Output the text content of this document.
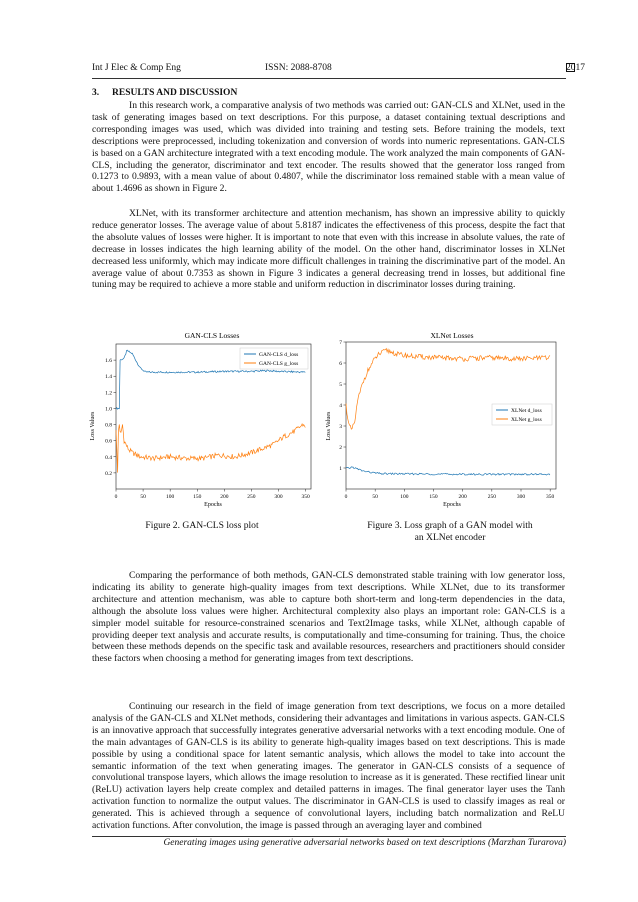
Int J Elec & Comp Eng	ISSN: 2088-8708	2017
3. RESULTS AND DISCUSSION

In this research work, a comparative analysis of two methods was carried out: GAN-CLS and XLNet, used in the task of generating images based on text descriptions. For this purpose, a dataset containing textual descriptions and corresponding images was used, which was divided into training and testing sets. Before training the models, text descriptions were preprocessed, including tokenization and conversion of words into numeric representations. GAN-CLS is based on a GAN architecture integrated with a text encoding module. The work analyzed the main components of GAN-CLS, including the generator, discriminator and text encoder. The results showed that the generator loss ranged from 0.1273 to 0.9893, with a mean value of about 0.4807, while the discriminator loss remained stable with a mean value of about 1.4696 as shown in Figure 2.

XLNet, with its transformer architecture and attention mechanism, has shown an impressive ability to quickly reduce generator losses. The average value of about 5.8187 indicates the effectiveness of this process, despite the fact that the absolute values of losses were higher. It is important to note that even with this increase in absolute values, the rate of decrease in losses indicates the high learning ability of the model. On the other hand, discriminator losses in XLNet decreased less uniformly, which may indicate more difficult challenges in training the discriminative part of the model. An average value of about 0.7353 as shown in Figure 3 indicates a general decreasing trend in losses, but additional fine tuning may be required to achieve a more stable and uniform reduction in discriminator losses during training.

GAN-CLS Losses
0	50	100	150	200	250	300	350
0.2
0.4
0.6
0.8
1.0
1.2
1.4
1.6
Epochs
Loss Values
GAN-CLS d_loss
GAN-CLS g_loss
XLNet Losses
0	50	100	150	200	250	300	350
1
2
3
4
5
6
7
Epochs
Loss Values
XLNet d_loss
XLNet g_loss
Figure 2. GAN-CLS loss plot	Figure 3. Loss graph of a GAN model with
an XLNet encoder

Comparing the performance of both methods, GAN-CLS demonstrated stable training with low generator loss, indicating its ability to generate high-quality images from text descriptions. While XLNet, due to its transformer architecture and attention mechanism, was able to capture both short-term and long-term dependencies in the data, although the absolute loss values were higher. Architectural complexity also plays an important role: GAN-CLS is a simpler model suitable for resource-constrained scenarios and Text2Image tasks, while XLNet, although capable of providing deeper text analysis and accurate results, is computationally and time-consuming for training. Thus, the choice between these methods depends on the specific task and available resources, researchers and practitioners should consider these factors when choosing a method for generating images from text descriptions.

Continuing our research in the field of image generation from text descriptions, we focus on a more detailed analysis of the GAN-CLS and XLNet methods, considering their advantages and limitations in various aspects. GAN-CLS is an innovative approach that successfully integrates generative adversarial networks with a text encoding module. One of the main advantages of GAN-CLS is its ability to generate high-quality images based on text descriptions. This is made possible by using a conditional space for latent semantic analysis, which allows the model to take into account the semantic information of the text when generating images. The generator in GAN-CLS consists of a sequence of convolutional transpose layers, which allows the image resolution to increase as it is generated. These rectified linear unit (ReLU) activation layers help create complex and detailed patterns in images. The final generator layer uses the Tanh activation function to normalize the output values. The discriminator in GAN-CLS is used to classify images as real or generated. This is achieved through a sequence of convolutional layers, including batch normalization and ReLU activation functions. After convolution, the image is passed through an averaging layer and combined

Generating images using generative adversarial networks based on text descriptions (Marzhan Turarova)
